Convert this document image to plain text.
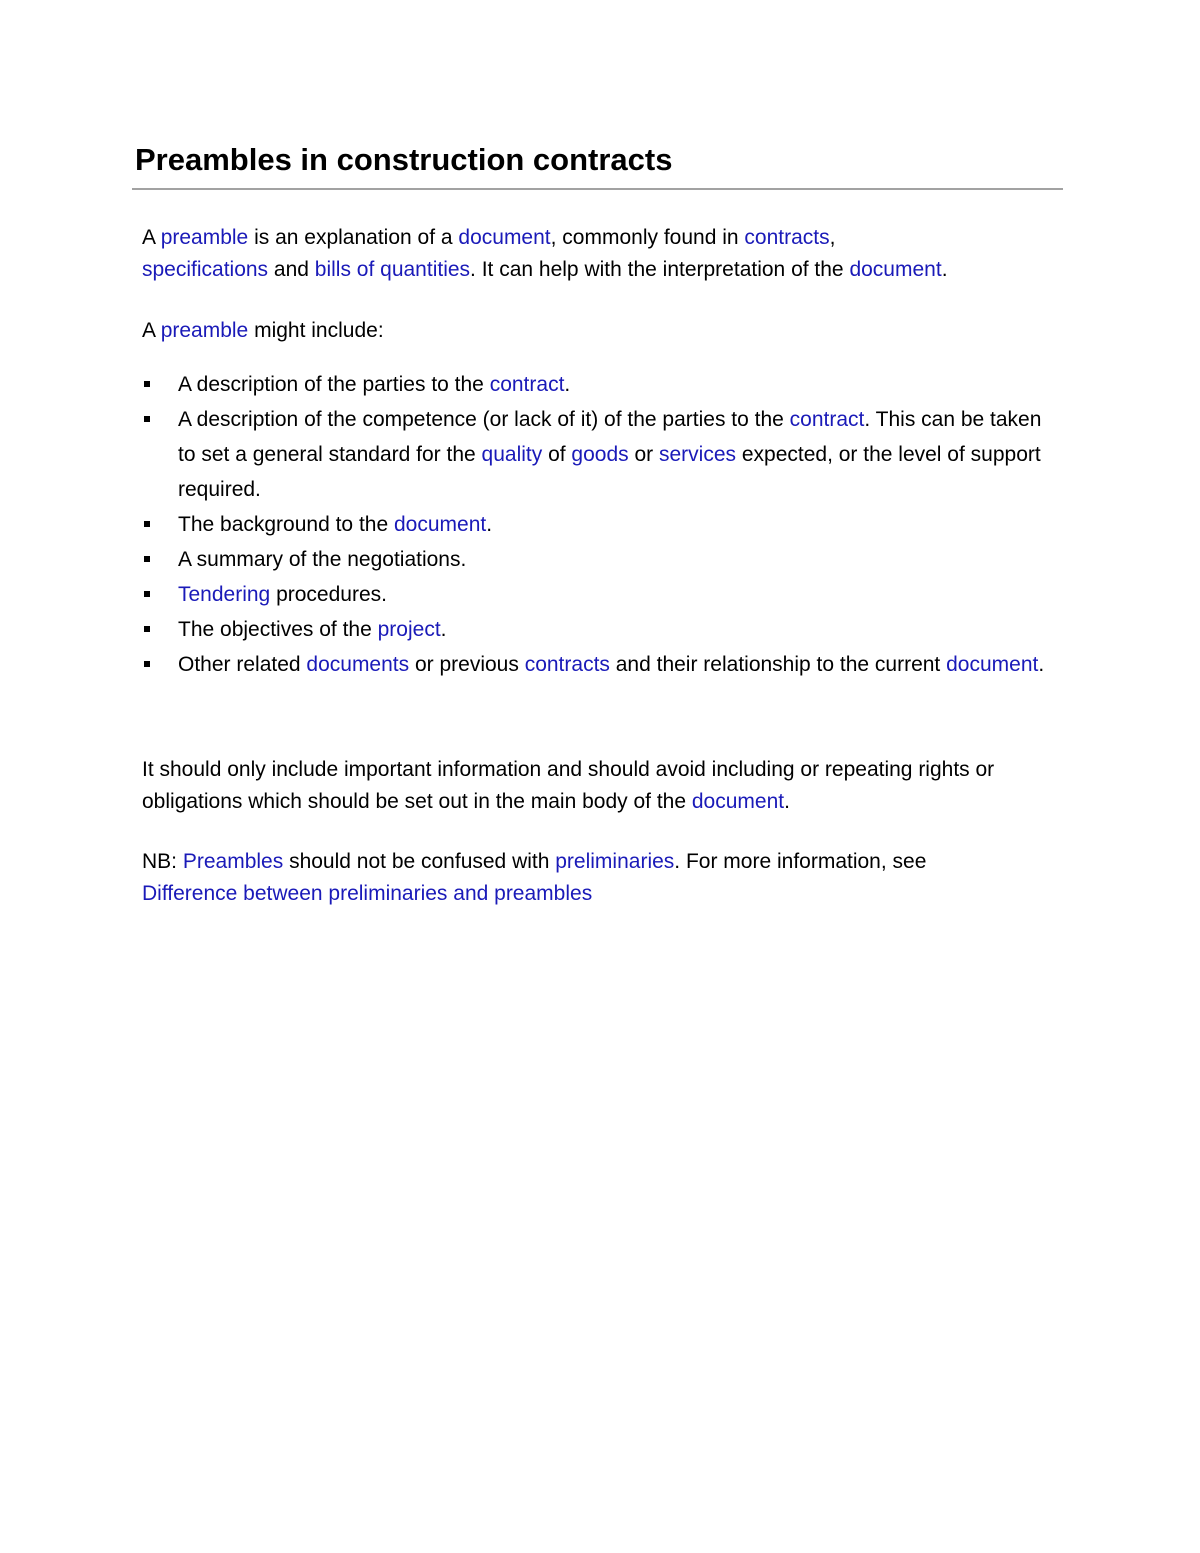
Preambles in construction contracts

A preamble is an explanation of a document, commonly found in contracts,
specifications and bills of quantities. It can help with the interpretation of the document.

A preamble might include:

A description of the parties to the contract.
A description of the competence (or lack of it) of the parties to the contract. This can be taken to set a general standard for the quality of goods or services expected, or the level of support required.
The background to the document.
A summary of the negotiations.
Tendering procedures.
The objectives of the project.
Other related documents or previous contracts and their relationship to the current document.

It should only include important information and should avoid including or repeating rights or obligations which should be set out in the main body of the document.

NB: Preambles should not be confused with preliminaries. For more information, see
Difference between preliminaries and preambles
